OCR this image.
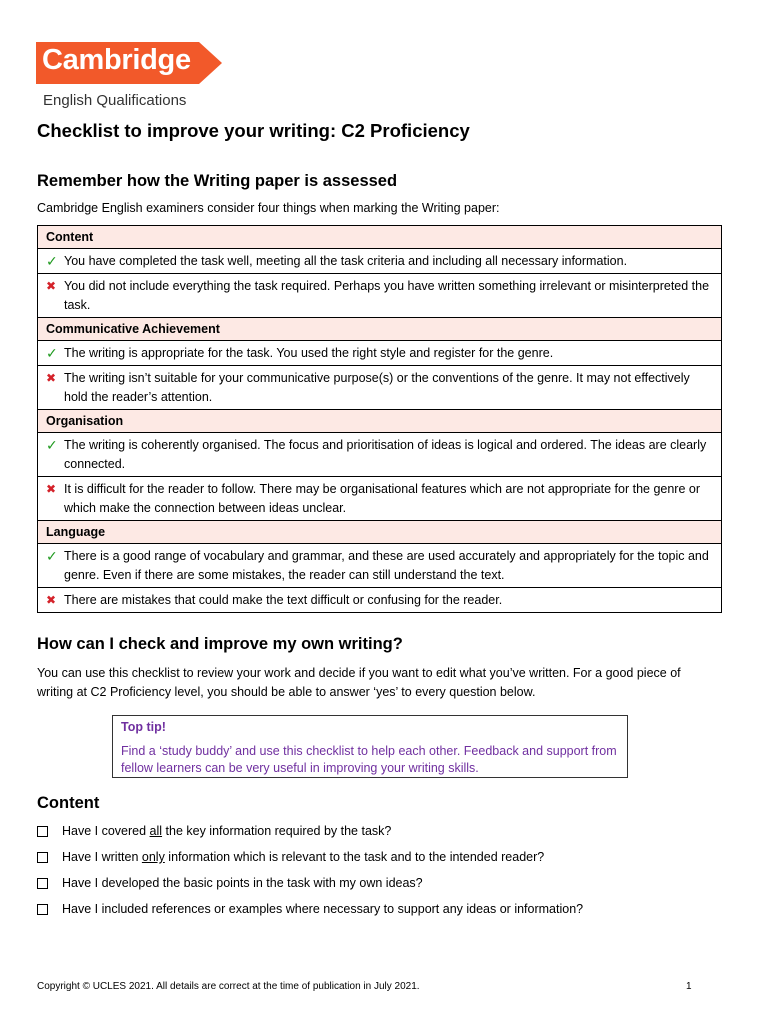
Cambridge
English Qualifications
Checklist to improve your writing: C2 Proficiency
Remember how the Writing paper is assessed

Cambridge English examiners consider four things when marking the Writing paper:

Content

✓ You have completed the task well, meeting all the task criteria and including all necessary information.

✖ You did not include everything the task required. Perhaps you have written something irrelevant or misinterpreted the task.

Communicative Achievement

✓ The writing is appropriate for the task. You used the right style and register for the genre.

✖ The writing isn’t suitable for your communicative purpose(s) or the conventions of the genre. It may not effectively hold the reader’s attention.

Organisation

✓ The writing is coherently organised. The focus and prioritisation of ideas is logical and ordered. The ideas are clearly connected.

✖ It is difficult for the reader to follow. There may be organisational features which are not appropriate for the genre or which make the connection between ideas unclear.

Language

✓ There is a good range of vocabulary and grammar, and these are used accurately and appropriately for the topic and genre. Even if there are some mistakes, the reader can still understand the text.

✖ There are mistakes that could make the text difficult or confusing for the reader.
How can I check and improve my own writing?

You can use this checklist to review your work and decide if you want to edit what you’ve written. For a good piece of writing at C2 Proficiency level, you should be able to answer ‘yes’ to every question below.

Top tip!
Find a ‘study buddy’ and use this checklist to help each other. Feedback and support from fellow learners can be very useful in improving your writing skills.
Content
Have I covered all the key information required by the task?
Have I written only information which is relevant to the task and to the intended reader?
Have I developed the basic points in the task with my own ideas?
Have I included references or examples where necessary to support any ideas or information?
Copyright © UCLES 2021. All details are correct at the time of publication in July 2021.	1
